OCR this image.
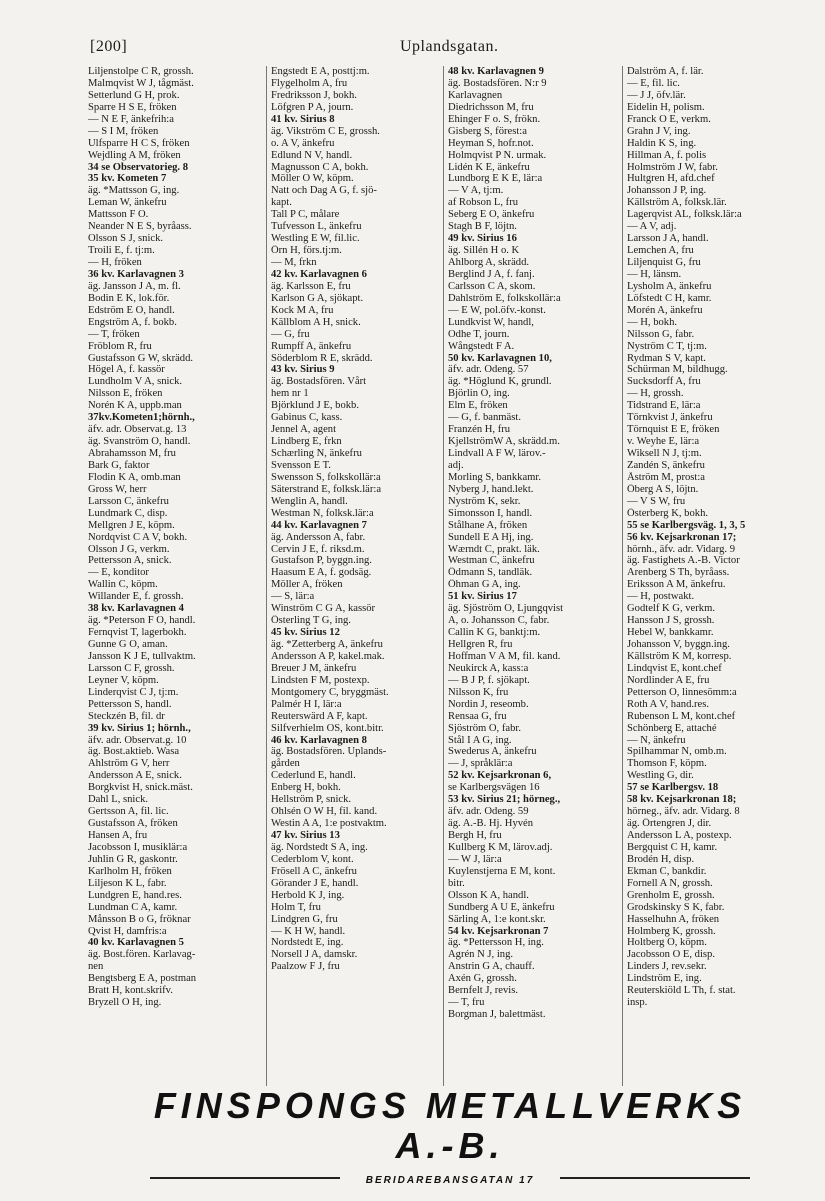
[200]	Uplandsgatan.
Liljenstolpe C R, grossh.
Malmqvist W J, tågmäst.
Setterlund G H, prok.
Sparre H S E, fröken
— N E F, änkefrih:a
— S I M, fröken
Ulfsparre H C S, fröken
Wejdling A M, fröken
34 se Observatorieg. 8
35 kv. Kometen 7
äg. *Mattsson G, ing.
Leman W, änkefru
Mattsson F O.
Neander N E S, byråass.
Olsson S J, snick.
Troili E, f. tj:m.
— H, fröken
36 kv. Karlavagnen 3
äg. Jansson J A, m. fl.
Bodin E K, lok.för.
Edström E O, handl.
Engström A, f. bokb.
— T, fröken
Fröblom R, fru
Gustafsson G W, skrädd.
Högel A, f. kassör
Lundholm V A, snick.
Nilsson E, fröken
Norén K A, uppb.man
37kv.Kometen1;hörnh.,
äfv. adr. Observat.g. 13
äg. Svanström O, handl.
Abrahamsson M, fru
Bark G, faktor
Flodin K A, omb.man
Gross W, herr
Larsson C, änkefru
Lundmark C, disp.
Mellgren J E, köpm.
Nordqvist C A V, bokh.
Olsson J G, verkm.
Pettersson A, snick.
— E, konditor
Wallin C, köpm.
Willander E, f. grossh.
38 kv. Karlavagnen 4
äg. *Peterson F O, handl.
Fernqvist T, lagerbokh.
Gunne G O, aman.
Jansson K J E, tullvaktm.
Larsson C F, grossh.
Leyner V, köpm.
Linderqvist C J, tj:m.
Pettersson S, handl.
Steckzén B, fil. dr
39 kv. Sirius 1; hörnh.,
äfv. adr. Observat.g. 10
äg. Bost.aktieb. Wasa
Ahlström G V, herr
Andersson A E, snick.
Borgkvist H, snick.mäst.
Dahl L, snick.
Gertsson A, fil. lic.
Gustafsson A, fröken
Hansen A, fru
Jacobsson I, musiklär:a
Juhlin G R, gaskontr.
Karlholm H, fröken
Liljeson K L, fabr.
Lundgren E, hand.res.
Lundman C A, kamr.
Månsson B o G, fröknar
Qvist H, damfris:a
40 kv. Karlavagnen 5
äg. Bost.fören. Karlavag-
nen
Bengtsberg E A, postman
Bratt H, kont.skrifv.
Bryzell O H, ing.
Engstedt E A, posttj:m.
Flygelholm A, fru
Fredriksson J, bokh.
Löfgren P A, journ.
41 kv. Sirius 8
äg. Vikström C E, grossh.
o. A V, änkefru
Edlund N V, handl.
Magnusson C A, bokh.
Möller O W, köpm.
Natt och Dag A G, f. sjö-
kapt.
Tall P C, målare
Tufvesson L, änkefru
Westling E W, fil.lic.
Örn H, förs.tj:m.
— M, frkn
42 kv. Karlavagnen 6
äg. Karlsson E, fru
Karlson G A, sjökapt.
Kock M A, fru
Källblom A H, snick.
— G, fru
Rumpff A, änkefru
Söderblom R E, skrädd.
43 kv. Sirius 9
äg. Bostadsfören. Vårt
hem nr 1
Björklund J E, bokb.
Gabinus C, kass.
Jennel A, agent
Lindberg E, frkn
Schærling N, änkefru
Svensson E T.
Swensson S, folkskollär:a
Säterstrand E, folksk.lär:a
Wenglin A, handl.
Westman N, folksk.lär:a
44 kv. Karlavagnen 7
äg. Andersson A, fabr.
Cervin J E, f. riksd.m.
Gustafson P, byggn.ing.
Haasum E A, f. godsäg.
Möller A, fröken
— S, lär:a
Winström C G A, kassör
Österling T G, ing.
45 kv. Sirius 12
äg. *Zetterberg A, änkefru
Andersson A P, kakel.mak.
Breuer J M, änkefru
Lindsten F M, postexp.
Montgomery C, bryggmäst.
Palmér H I, lär:a
Reuterswärd A F, kapt.
Silfverhielm OS, kont.bitr.
46 kv. Karlavagnen 8
äg. Bostadsfören. Uplands-
gården
Cederlund E, handl.
Enberg H, bokh.
Hellström P, snick.
Ohlsén O W H, fil. kand.
Westin A A, 1:e postvaktm.
47 kv. Sirius 13
äg. Nordstedt S A, ing.
Cederblom V, kont.
Frösell A C, änkefru
Görander J E, handl.
Herbold K J, ing.
Holm T, fru
Lindgren G, fru
— K H W, handl.
Nordstedt E, ing.
Norsell J A, damskr.
Paalzow F J, fru
48 kv. Karlavagnen 9
äg. Bostadsfören. N:r 9
Karlavagnen
Diedrichsson M, fru
Ehinger F o. S, frökn.
Gisberg S, förest:a
Heyman S, hofr.not.
Holmqvist P N. urmak.
Lidén K E, änkefru
Lundborg E K E, lär:a
— V A, tj:m.
af Robson L, fru
Seberg E O, änkefru
Stagh B F, löjtn.
49 kv. Sirius 16
äg. Sillén H o. K
Ahlborg A, skrädd.
Berglind J A, f. fanj.
Carlsson C A, skom.
Dahlström E, folkskollär:a
— E W, pol.öfv.-konst.
Lundkvist W, handl,
Odhe T, journ.
Wångstedt F A.
50 kv. Karlavagnen 10,
äfv. adr. Odeng. 57
äg. *Höglund K, grundl.
Björlin O, ing.
Elm E, fröken
— G, f. banmäst.
Franzén H, fru
KjellströmW A, skrädd.m.
Lindvall A F W, lärov.-
adj.
Morling S, bankkamr.
Nyberg J, hand.lekt.
Nyström K, sekr.
Simonsson I, handl.
Stålhane A, fröken
Sundell E A Hj, ing.
Wærndt C, prakt. läk.
Westman C, änkefru
Ödmann S, tandläk.
Öhman G A, ing.
51 kv. Sirius 17
äg. Sjöström O, Ljungqvist
A, o. Johansson C, fabr.
Callin K G, banktj:m.
Hellgren R, fru
Hoffman V A M, fil. kand.
Neukirck A, kass:a
— B J P, f. sjökapt.
Nilsson K, fru
Nordin J, reseomb.
Rensaa G, fru
Sjöström O, fabr.
Stål I A G, ing.
Swederus A, änkefru
— J, språklär:a
52 kv. Kejsarkronan 6,
se Karlbergsvägen 16
53 kv. Sirius 21; hörneg.,
äfv. adr. Odeng. 59
äg. A.-B. Hj. Hyvén
Bergh H, fru
Kullberg K M, lärov.adj.
— W J, lär:a
Kuylenstjerna E M, kont.
bitr.
Olsson K A, handl.
Sundberg A U E, änkefru
Särling A, 1:e kont.skr.
54 kv. Kejsarkronan 7
äg. *Pettersson H, ing.
Agrén N J, ing.
Anstrin G A, chauff.
Axén G, grossh.
Bernfelt J, revis.
— T, fru
Borgman J, balettmäst.
Dalström A, f. lär.
— E, fil. lic.
— J J, öfv.lär.
Eidelin H, polism.
Franck O E, verkm.
Grahn J V, ing.
Haldin K S, ing.
Hillman A, f. polis
Holmström J W, fabr.
Hultgren H, afd.chef
Johansson J P, ing.
Källström A, folksk.lär.
Lagerqvist AL, folksk.lär:a
— A V, adj.
Larsson J A, handl.
Lemchen A, fru
Liljenquist G, fru
— H, länsm.
Lysholm A, änkefru
Löfstedt C H, kamr.
Morén A, änkefru
— H, bokh.
Nilsson G, fabr.
Nyström C T, tj:m.
Rydman S V, kapt.
Schürman M, bildhugg.
Sucksdorff A, fru
— H, grossh.
Tidstrand E, lär:a
Törnkvist J, änkefru
Törnquist E E, fröken
v. Weyhe E, lär:a
Wiksell N J, tj:m.
Zandén S, änkefru
Åström M, prost:a
Öberg A S, löjtn.
— V S W, fru
Österberg K, bokh.
55 se Karlbergsväg. 1, 3, 5
56 kv. Kejsarkronan 17;
hörnh., äfv. adr. Vidarg. 9
äg. Fastighets A.-B. Victor
Arenberg S Th, byråass.
Eriksson A M, änkefru.
— H, postwakt.
Godtelf K G, verkm.
Hansson J S, grossh.
Hebel W, bankkamr.
Johansson V, byggn.ing.
Källström K M, korresp.
Lindqvist E, kont.chef
Nordlinder A E, fru
Petterson O, linnesömm:a
Roth A V, hand.res.
Rubenson L M, kont.chef
Schönberg E, attaché
— N, änkefru
Spilhammar N, omb.m.
Thomson F, köpm.
Westling G, dir.
57 se Karlbergsv. 18
58 kv. Kejsarkronan 18;
hörneg., äfv. adr. Vidarg. 8
äg. Örtengren J, dir.
Andersson L A, postexp.
Bergquist C H, kamr.
Brodén H, disp.
Ekman C, bankdir.
Fornell A N, grossh.
Grenholm E, grossh.
Grodskinsky S K, fabr.
Hasselhuhn A, fröken
Holmberg K, grossh.
Holtberg O, köpm.
Jacobsson O E, disp.
Linders J, rev.sekr.
Lindström E, ing.
Reuterskiöld L Th, f. stat.
insp.
FINSPONGS METALLVERKS A.-B.
BERIDAREBANSGATAN 17
